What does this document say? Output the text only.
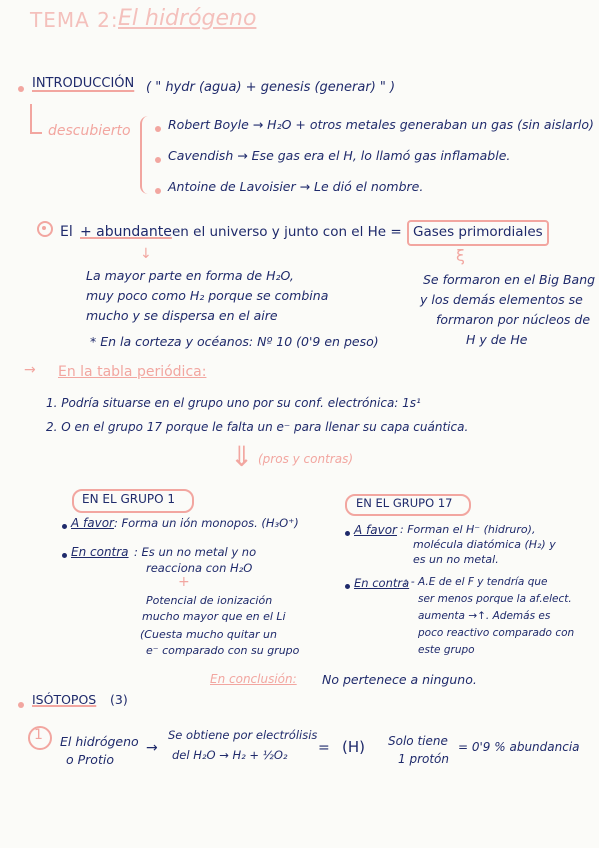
TEMA 2: El hidrógeno
INTRODUCCIÓN ( " hydr (agua) + genesis (generar) " )
descubierto	Robert Boyle → H₂O + otros metales generaban un gas (sin aislarlo)
Cavendish → Ese gas era el H, lo llamó gas inflamable.
Antoine de Lavoisier → Le dió el nombre.
El + abundante en el universo y junto con el He = Gases primordiales
↓	ξ
La mayor parte en forma de H₂O,
muy poco como H₂ porque se combina
mucho y se dispersa en el aire
* En la corteza y océanos: Nº 10 (0'9 en peso)
Se formaron en el Big Bang
y los demás elementos se
formaron por núcleos de
H y de He
→ En la tabla periódica:
1. Podría situarse en el grupo uno por su conf. electrónica: 1s¹
2. O en el grupo 17 porque le falta un e⁻ para llenar su capa cuántica.
⇓ (pros y contras)
EN EL GRUPO 1
A favor : Forma un ión monopos. (H₃O⁺)
En contra : Es un no metal y no
reacciona con H₂O
+
Potencial de ionización
mucho mayor que en el Li
(Cuesta mucho quitar un
e⁻ comparado con su grupo
EN EL GRUPO 17
A favor : Forman el H⁻ (hidruro),
molécula diatómica (H₂) y
es un no metal.
En contra
: - A.E de el F y tendría que
ser menos porque la af.elect.
aumenta →↑. Además es
poco reactivo comparado con
este grupo
En conclusión: No pertenece a ninguno.
ISÓTOPOS (3)
1 El hidrógeno
o Protio
→
Se obtiene por electrólisis
del H₂O → H₂ + ½O₂ = (H) Solo tiene
1 protón
= 0'9 % abundancia
